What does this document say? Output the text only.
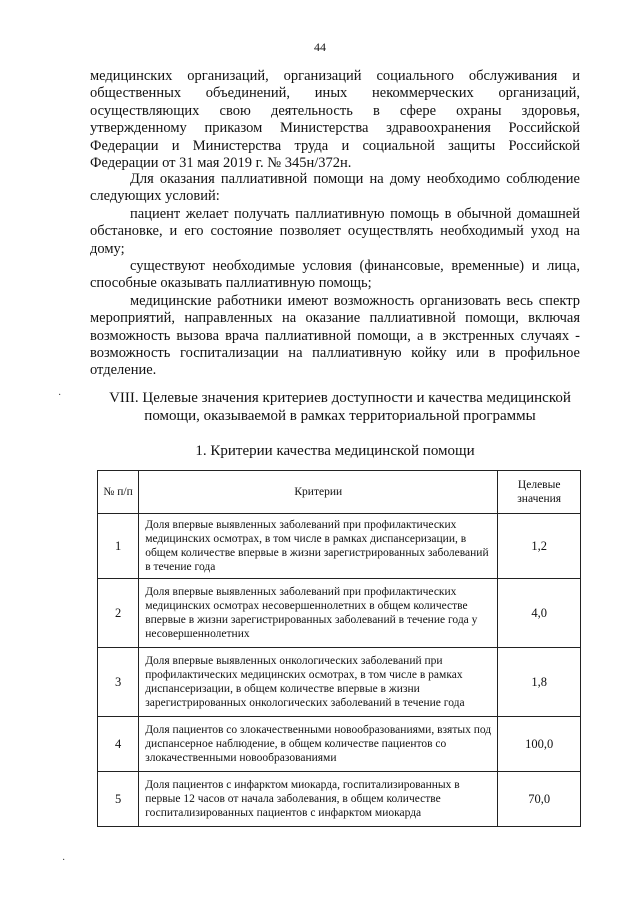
44

медицинских организаций, организаций социального обслуживания и общественных объединений, иных некоммерческих организаций, осуществляющих свою деятельность в сфере охраны здоровья, утвержденному приказом Министерства здравоохранения Российской Федерации и Министерства труда и социальной защиты Российской Федерации от 31 мая 2019 г. № 345н/372н.

Для оказания паллиативной помощи на дому необходимо соблюдение следующих условий:

пациент желает получать паллиативную помощь в обычной домашней обстановке, и его состояние позволяет осуществлять необходимый уход на дому;

существуют необходимые условия (финансовые, временные) и лица, способные оказывать паллиативную помощь;

медицинские работники имеют возможность организовать весь спектр мероприятий, направленных на оказание паллиативной помощи, включая возможность вызова врача паллиативной помощи, а в экстренных случаях - возможность госпитализации на паллиативную койку или в профильное отделение.

VIII. Целевые значения критериев доступности и качества медицинской помощи, оказываемой в рамках территориальной программы
1. Критерии качества медицинской помощи
№ п/п	Критерии	Целевые значения
1	Доля впервые выявленных заболеваний при профилактических медицинских осмотрах, в том числе в рамках диспансеризации, в общем количестве впервые в жизни зарегистрированных заболеваний в течение года	1,2
2	Доля впервые выявленных заболеваний при профилактических медицинских осмотрах несовершеннолетних в общем количестве впервые в жизни зарегистрированных заболеваний в течение года у несовершеннолетних	4,0
3	Доля впервые выявленных онкологических заболеваний при профилактических медицинских осмотрах, в том числе в рамках диспансеризации, в общем количестве впервые в жизни зарегистрированных онкологических заболеваний в течение года	1,8
4	Доля пациентов со злокачественными новообразованиями, взятых под диспансерное наблюдение, в общем количестве пациентов со злокачественными новообразованиями	100,0
5	Доля пациентов с инфарктом миокарда, госпитализированных в первые 12 часов от начала заболевания, в общем количестве госпитализированных пациентов с инфарктом миокарда	70,0
·
·
